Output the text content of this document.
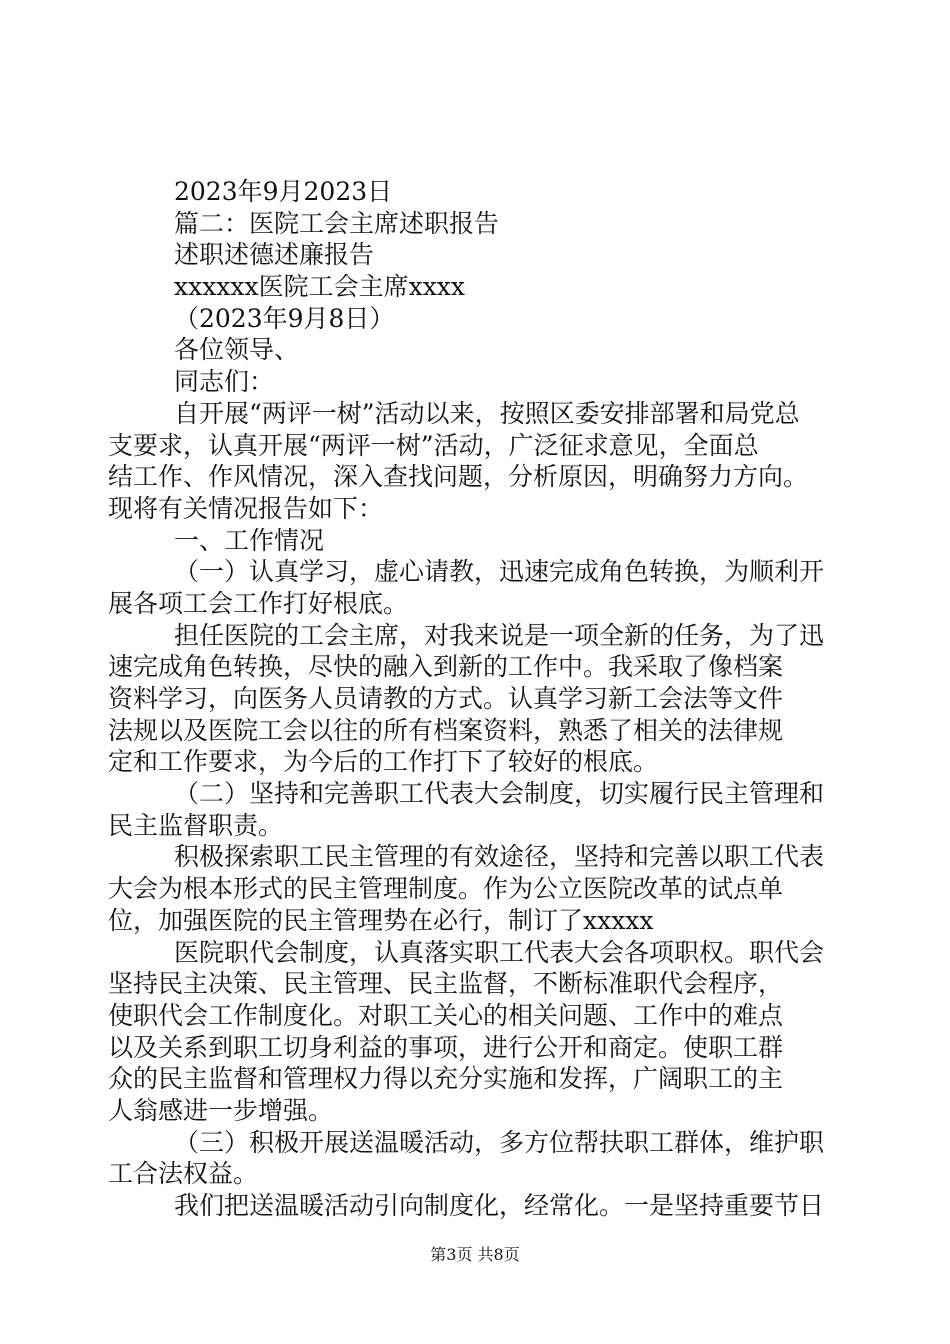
2023年9月2023日
篇二：医院工会主席述职报告
述职述德述廉报告
xxxxxx医院工会主席xxxx
（2023年9月8日）
各位领导、
同志们：
自开展“两评一树”活动以来，按照区委安排部署和局党总
支要求，认真开展“两评一树”活动，广泛征求意见，全面总
结工作、作风情况，深入查找问题，分析原因，明确努力方向。
现将有关情况报告如下：
一、工作情况
（一）认真学习，虚心请教，迅速完成角色转换，为顺利开
展各项工会工作打好根底。
担任医院的工会主席，对我来说是一项全新的任务，为了迅
速完成角色转换，尽快的融入到新的工作中。我采取了像档案
资料学习，向医务人员请教的方式。认真学习新工会法等文件
法规以及医院工会以往的所有档案资料，熟悉了相关的法律规
定和工作要求，为今后的工作打下了较好的根底。
（二）坚持和完善职工代表大会制度，切实履行民主管理和
民主监督职责。
积极探索职工民主管理的有效途径，坚持和完善以职工代表
大会为根本形式的民主管理制度。作为公立医院改革的试点单
位，加强医院的民主管理势在必行，制订了xxxxx
医院职代会制度，认真落实职工代表大会各项职权。职代会
坚持民主决策、民主管理、民主监督，不断标准职代会程序，
使职代会工作制度化。对职工关心的相关问题、工作中的难点
以及关系到职工切身利益的事项，进行公开和商定。使职工群
众的民主监督和管理权力得以充分实施和发挥，广阔职工的主
人翁感进一步增强。
（三）积极开展送温暖活动，多方位帮扶职工群体，维护职
工合法权益。
我们把送温暖活动引向制度化，经常化。一是坚持重要节日
第3页 共8页
